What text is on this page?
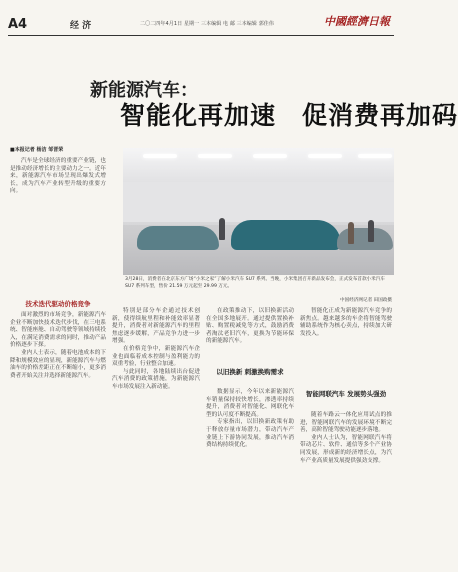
A4	经 济	二〇二四年4月1日 星期一 三本编辑 电 邮 三本编辑 郭佳伟	中國經濟日報
新能源汽车：
智能化再加速　促消费再加码
3月28日，消费者在北京东方广场“小米之家”了解小米汽车 SU7 系列。当晚，小米集团召开新品发布会，正式发布首款小米汽车 SU7 系列车型，售价 21.59 万元起至 29.99 万元。
中国经济网记者 田国政摄
■本报记者 杨洁 邹晋荣

汽车是全球经济的重要产业链，也是推动经济增长的主要动力之一。近年来，新能源汽车市场呈现出爆发式增长，成为汽车产业转型升级的重要方向。

技术迭代驱动价格竞争

面对激烈的市场竞争，新能源汽车企业不断加快技术迭代步伐，在三电系统、智能座舱、自动驾驶等领域持续投入，在满足消费需求的同时，推动产品价格逐步下探。

业内人士表示，随着电池成本的下降和规模效应的显现，新能源汽车与燃油车的价格差距正在不断缩小，更多消费者开始关注并选择新能源汽车。

特别是部分车企通过技术创新，使得续航里程和补能效率显著提升，消费者对新能源汽车的里程焦虑逐步缓解，产品竞争力进一步增强。

在价格竞争中，新能源汽车企业也面临着成本控制与盈利能力的双重考验，行业整合加速。

与此同时，各地陆续出台促进汽车消费的政策措施，为新能源汽车市场发展注入新动能。

在政策推动下，以旧换新活动在全国多地展开。通过提供置换补贴、购置税减免等方式，鼓励消费者淘汰老旧汽车，更换为节能环保的新能源汽车。

以旧换新 刺激换购需求

数据显示，今年以来新能源汽车销量保持较快增长，渗透率持续提升，消费者对智能化、网联化车型的认可度不断提高。

专家指出，以旧换新政策有助于释放存量市场潜力，带动汽车产业链上下游协同发展，推动汽车消费结构持续优化。

智能化正成为新能源汽车竞争的新焦点。越来越多的车企将智能驾驶辅助系统作为核心卖点，持续加大研发投入。

智能网联汽车 发展势头强劲

随着车路云一体化应用试点的推进，智能网联汽车的发展环境不断完善，高阶智能驾驶功能逐步落地。

业内人士认为，智能网联汽车将带动芯片、软件、通信等多个产业协同发展，形成新的经济增长点，为汽车产业高质量发展提供强劲支撑。
